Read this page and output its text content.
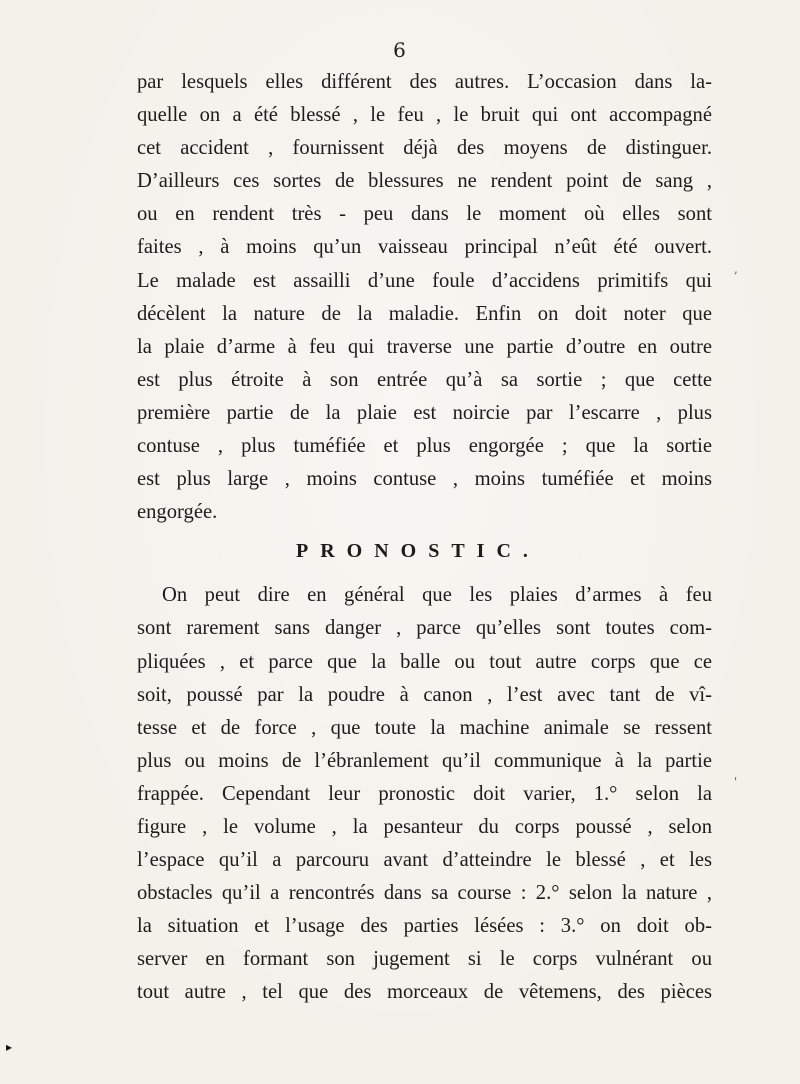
6
par lesquels elles différent des autres. L’occasion dans la-
quelle on a été blessé , le feu , le bruit qui ont accompagné
cet accident , fournissent déjà des moyens de distinguer.
D’ailleurs ces sortes de blessures ne rendent point de sang ,
ou en rendent très - peu dans le moment où elles sont
faites , à moins qu’un vaisseau principal n’eût été ouvert.
Le malade est assailli d’une foule d’accidens primitifs qui
décèlent la nature de la maladie. Enfin on doit noter que
la plaie d’arme à feu qui traverse une partie d’outre en outre
est plus étroite à son entrée qu’à sa sortie ; que cette
première partie de la plaie est noircie par l’escarre , plus
contuse , plus tuméfiée et plus engorgée ; que la sortie
est plus large , moins contuse , moins tuméfiée et moins
engorgée.
PRONOSTIC.
On peut dire en général que les plaies d’armes à feu
sont rarement sans danger , parce qu’elles sont toutes com-
pliquées , et parce que la balle ou tout autre corps que ce
soit, poussé par la poudre à canon , l’est avec tant de vî-
tesse et de force , que toute la machine animale se ressent
plus ou moins de l’ébranlement qu’il communique à la partie
frappée. Cependant leur pronostic doit varier, 1.° selon la
figure , le volume , la pesanteur du corps poussé , selon
l’espace qu’il a parcouru avant d’atteindre le blessé , et les
obstacles qu’il a rencontrés dans sa course : 2.° selon la nature ,
la situation et l’usage des parties lésées : 3.° on doit ob-
server en formant son jugement si le corps vulnérant ou
tout autre , tel que des morceaux de vêtemens, des pièces
,
'
▸
